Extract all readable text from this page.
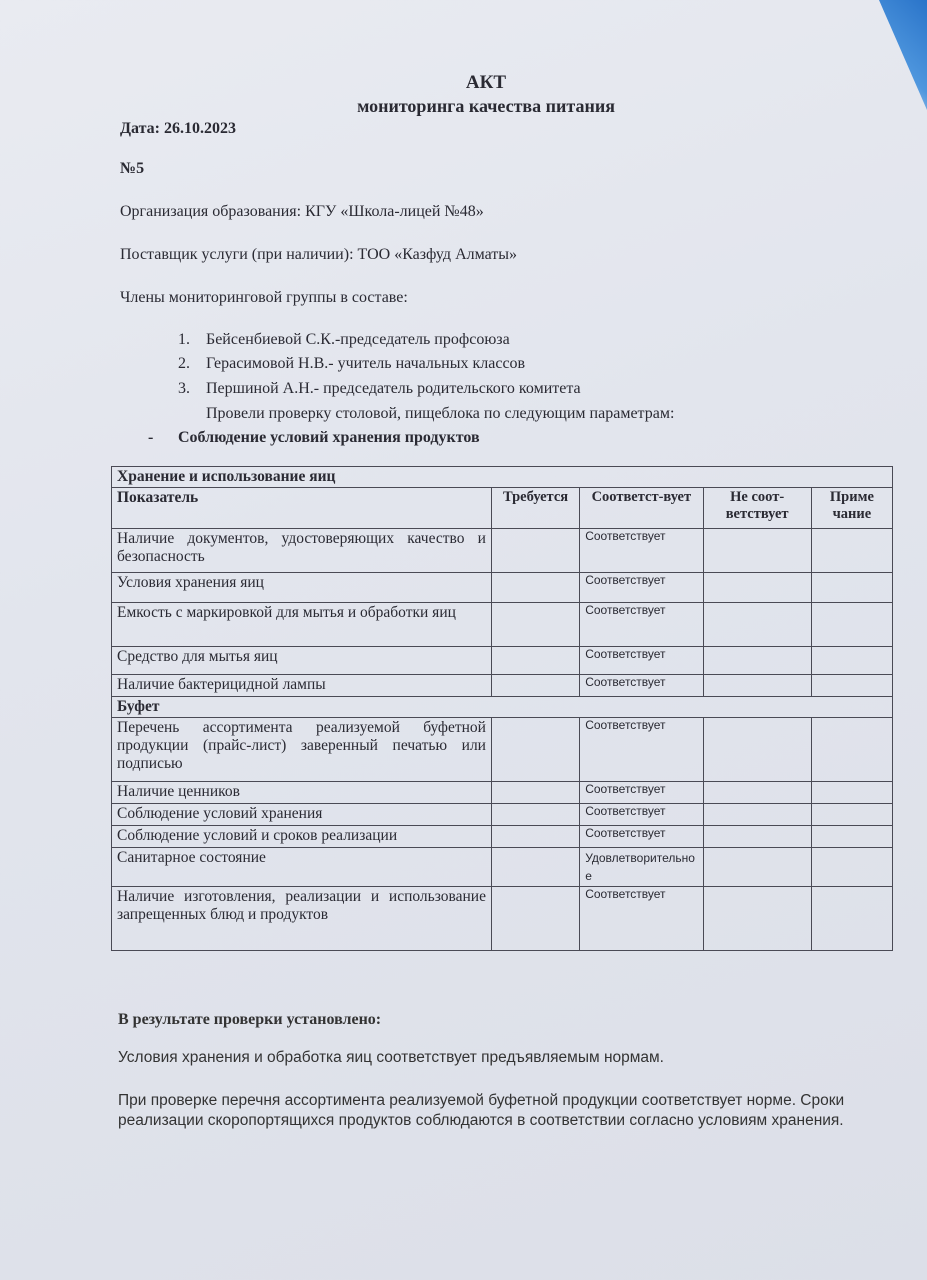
АКТ
мониторинга качества питания
Дата: 26.10.2023
№5
Организация образования: КГУ «Школа-лицей №48»
Поставщик услуги (при наличии): ТОО «Казфуд Алматы»
Члены мониторинговой группы в составе:
1. Бейсенбиевой С.К.-председатель профсоюза
2. Герасимовой Н.В.- учитель начальных классов
3. Першиной А.Н.- председатель родительского комитета
Провели проверку столовой, пищеблока по следующим параметрам:
- Соблюдение условий хранения продуктов
Хранение и использование яиц				
Показатель	Требуется	Соответст-вует	Не соот-ветствует	Приме чание
Наличие документов, удостоверяющих качество и безопасность		Соответствует		
Условия хранения яиц		Соответствует		
Емкость с маркировкой для мытья и обработки яиц		Соответствует		
Средство для мытья яиц		Соответствует		
Наличие бактерицидной лампы		Соответствует		
Буфет				
Перечень ассортимента реализуемой буфетной продукции (прайс-лист) заверенный печатью или подписью		Соответствует		
Наличие ценников		Соответствует		
Соблюдение условий хранения		Соответствует		
Соблюдение условий и сроков реализации		Соответствует		
Санитарное состояние		Удовлетворительное		
Наличие изготовления, реализации и использование запрещенных блюд и продуктов		Соответствует		
В результате проверки установлено:
Условия хранения и обработка яиц соответствует предъявляемым нормам.
При проверке перечня ассортимента реализуемой буфетной продукции соответствует норме. Сроки реализации скоропортящихся продуктов соблюдаются в соответствии согласно условиям хранения.
